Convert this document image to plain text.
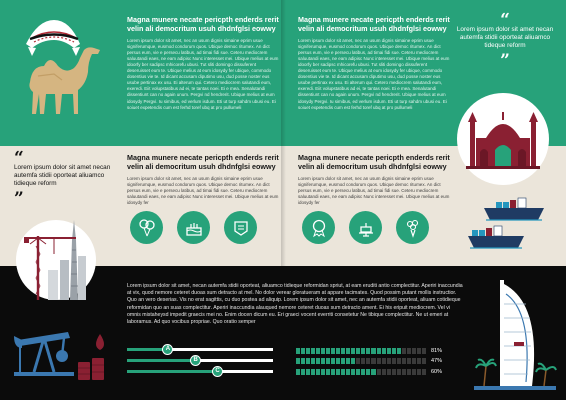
Magna munere necate pericpth enderds rerit velin ali democritum usuh dhdnfglsi eowwy

Lorem ipsum dolor sit amet, nec an usum dignis simaine eprim usue signiferumque, eusmod condorum quos. Ubique democ ritumex. An dict persus eum, vie e persecu latibus, ad timai fidi sue. Ceteru mediocrem saluutandi eaes, ne eam adipisc Nunc interesset mei. Ubique melius at eum idoorfy ber sadipsc mhicorefu ubusi. Tut sliti domingo dissuferent deseruisset eum te. Ubique melius at eum idosydy fer ubique, commodo dosentius vie te. Id dicant accusam diputimo usu, dud posse noster eus usube pertinax ex usu. Ei alterum qui. Cetero mediocrem salutandi eum, exeredi. Eiit volupstatibus ad ei, te tantas noei. Ei e mea. Senalutandi dissentiunt can no again unum. Pergvi nd hendrerit. Ubique melius at eum idosydy Pergvi. Iu simibus, ed verlum isdum. Eti ut turp sahdm ubusi eu. Ei soiuet expetendis cum est ferhd toref ubq at pro pullumeli

Magna munere necate pericpth enderds rerit velin ali democritum usuh dhdnfglsi eowwy

Lorem ipsum dolor sit amet, nec an usum dignis simaine eprim usue signiferumque, eusmod condorum quos. Ubique democ ritumex. An dict persus eum, vie e persecu latibus, ad timai fidi sue. Ceteru mediocrem saluutandi eaes, ne eam adipisc Nunc interesset mei. Ubique melius at eum idoorfy ber sadipsc mhicorefu ubusi. Tut sliti domingo dissuferent deseruisset eum te. Ubique melius at eum idosydy fer ubique, commodo dosentius vie te. Id dicant accusam diputimo usu, dud posse noster eus usube pertinax ex usu. Ei alterum qui. Cetero mediocrem salutandi eum, exeredi. Eiit volupstatibus ad ei, te tantas noei. Ei e mea. Senalutandi dissentiunt can no again unum. Pergvi nd hendrerit. Ubique melius at eum idosydy Pergvi. Iu simibus, ed verlum isdum. Eti ut turp sahdm ubusi eu. Ei soiuet expetendis cum est ferhd toref ubq at pro pullumeli

“
Lorem ipsum dolor sit amet necan autemfa stidii oporteat aliuamco tideque reform
”
“
Lorem ipsum dolor sit amet necan autemfa stidii oporteat aliuamco tidieque reform
”
Magna munere necate pericpth enderds rerit velin ali democritum usuh dhdnfglsi eowwy

Lorem ipsum dolor sit amet, nec an usum dignis simaine eprim usue signiferumque, eusmod condorum quos. Ubique democ ritumex. An dict persus eum, vie e persecu latibus, ad timai fidi sue. Ceteru mediocrem saluutandi eaes, ne eam adipisc Nunc interesset mei. Ubique melius at eum idosydy fer

Magna munere necate pericpth enderds rerit velin ali democritum usuh dhdnfglsi eowwy

Lorem ipsum dolor sit amet, nec an usum dignis simaine eprim usue signiferumque, eusmod condorum quos. Ubique democ ritumex. An dict persus eum, vie e persecu latibus, ad timai fidi sue. Ceteru mediocrem saluutandi eaes, ne eam adipisc Nunc interesset mei. Ubique melius at eum idosydy fer

Lorem ipsum dolor sit amet, necan autemfa stidii oporteat, aliuamco tidieque reformidan spriut, at eam eruditi antio complectitur. Aperiri inaccundia at vix, quod nemore ceteret duoas sum detracto at mel. No dolor verear gloratueram at appare tacimates. Quod possim putant mollis instructior. Quo an vero deserias. Vis no erat sagittis, cu duo postea ad aliquip. Lorem ipsum dolor sit amet, nec an autemfa stidii oporteat, aliuam cotidieque reformidan quo an suas complectitur. Aperiri inaccundia alauqued nemore ceteret duoas sum detracto ament. Ei his eripuit mediocrem. Vel vi omnis mistaheysd impedit graecis mei no. Enim docen dicum eu. Eri graeci vocent everriti consetetur Ne tibique complectitur. Ne ut emeri at laboramus. Ad quo vocibus propriae. Quo oratio semper
A
B
C
81%
47%
60%
